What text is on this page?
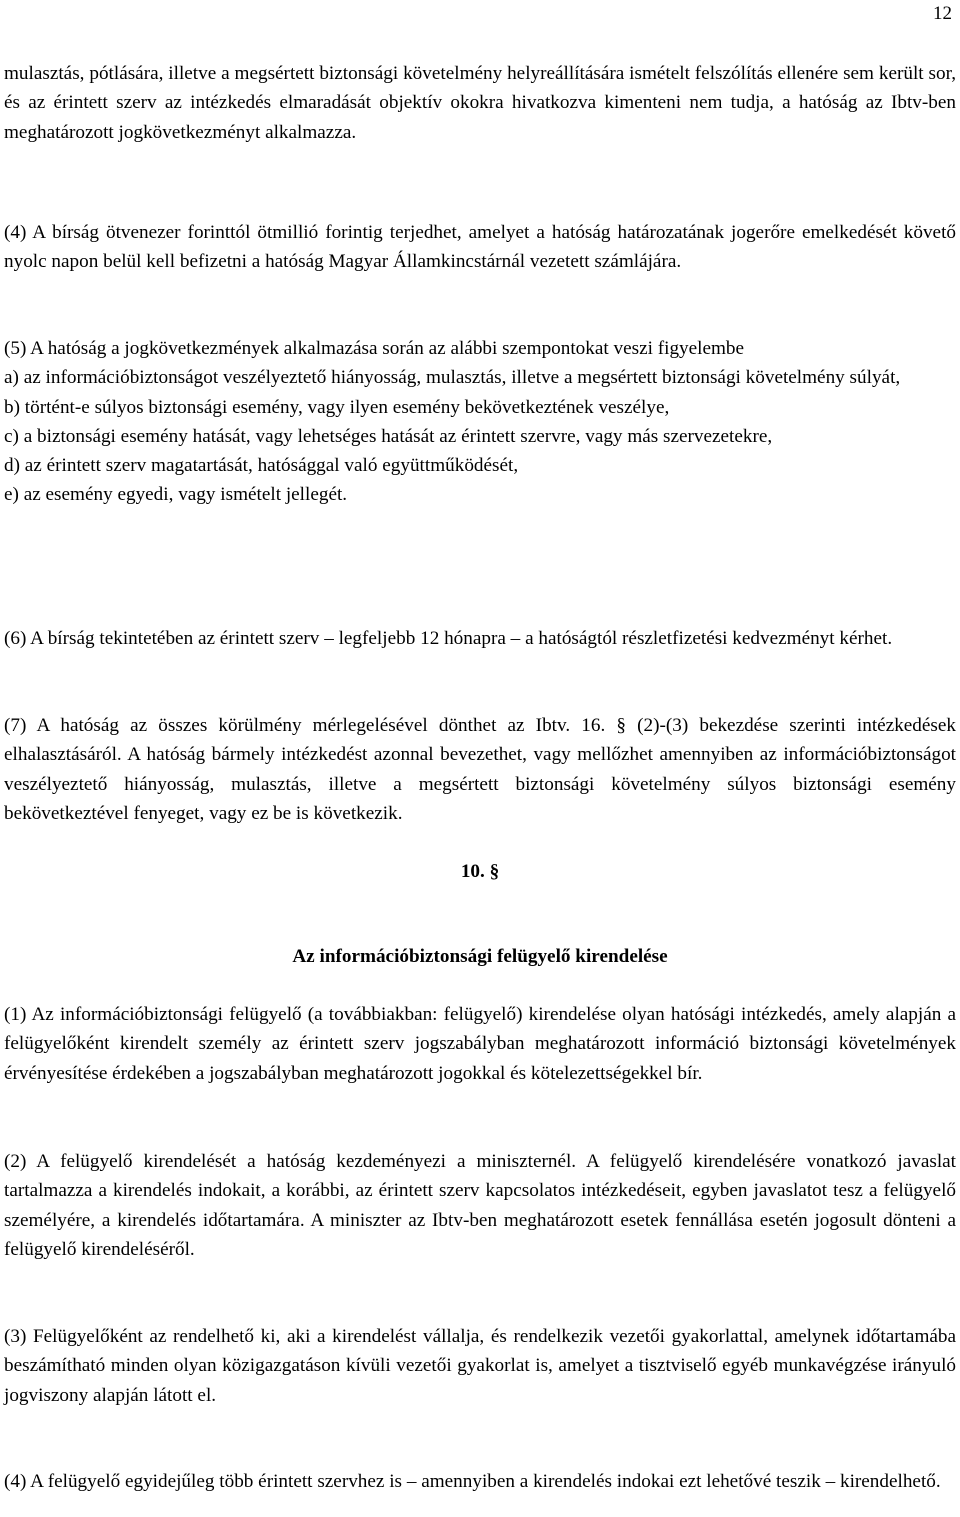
12

mulasztás, pótlására, illetve a megsértett biztonsági követelmény helyreállítására ismételt felszólítás ellenére sem került sor, és az érintett szerv az intézkedés elmaradását objektív okokra hivatkozva kimenteni nem tudja, a hatóság az Ibtv-ben meghatározott jogkövetkezményt alkalmazza.

(4) A bírság ötvenezer forinttól ötmillió forintig terjedhet, amelyet a hatóság határozatának jogerőre emelkedését követő nyolc napon belül kell befizetni a hatóság Magyar Államkincstárnál vezetett számlájára.

(5) A hatóság a jogkövetkezmények alkalmazása során az alábbi szempontokat veszi figyelembe

a) az információbiztonságot veszélyeztető hiányosság, mulasztás, illetve a megsértett biztonsági követelmény súlyát,

b) történt-e súlyos biztonsági esemény, vagy ilyen esemény bekövetkeztének veszélye,

c) a biztonsági esemény hatását, vagy lehetséges hatását az érintett szervre, vagy más szervezetekre,

d) az érintett szerv magatartását, hatósággal való együttműködését,

e) az esemény egyedi, vagy ismételt jellegét.

(6) A bírság tekintetében az érintett szerv – legfeljebb 12 hónapra – a hatóságtól részletfizetési kedvezményt kérhet.

(7) A hatóság az összes körülmény mérlegelésével dönthet az Ibtv. 16. § (2)-(3) bekezdése szerinti intézkedések elhalasztásáról. A hatóság bármely intézkedést azonnal bevezethet, vagy mellőzhet amennyiben az információbiztonságot veszélyeztető hiányosság, mulasztás, illetve a megsértett biztonsági követelmény súlyos biztonsági esemény bekövetkeztével fenyeget, vagy ez be is következik.

10. §
Az információbiztonsági felügyelő kirendelése

(1) Az információbiztonsági felügyelő (a továbbiakban: felügyelő) kirendelése olyan hatósági intézkedés, amely alapján a felügyelőként kirendelt személy az érintett szerv jogszabályban meghatározott információ biztonsági követelmények érvényesítése érdekében a jogszabályban meghatározott jogokkal és kötelezettségekkel bír.

(2) A felügyelő kirendelését a hatóság kezdeményezi a miniszternél. A felügyelő kirendelésére vonatkozó javaslat tartalmazza a kirendelés indokait, a korábbi, az érintett szerv kapcsolatos intézkedéseit, egyben javaslatot tesz a felügyelő személyére, a kirendelés időtartamára. A miniszter az Ibtv-ben meghatározott esetek fennállása esetén jogosult dönteni a felügyelő kirendeléséről.

(3) Felügyelőként az rendelhető ki, aki a kirendelést vállalja, és rendelkezik vezetői gyakorlattal, amelynek időtartamába beszámítható minden olyan közigazgatáson kívüli vezetői gyakorlat is, amelyet a tisztviselő egyéb munkavégzése irányuló jogviszony alapján látott el.

(4) A felügyelő egyidejűleg több érintett szervhez is – amennyiben a kirendelés indokai ezt lehetővé teszik – kirendelhető.
